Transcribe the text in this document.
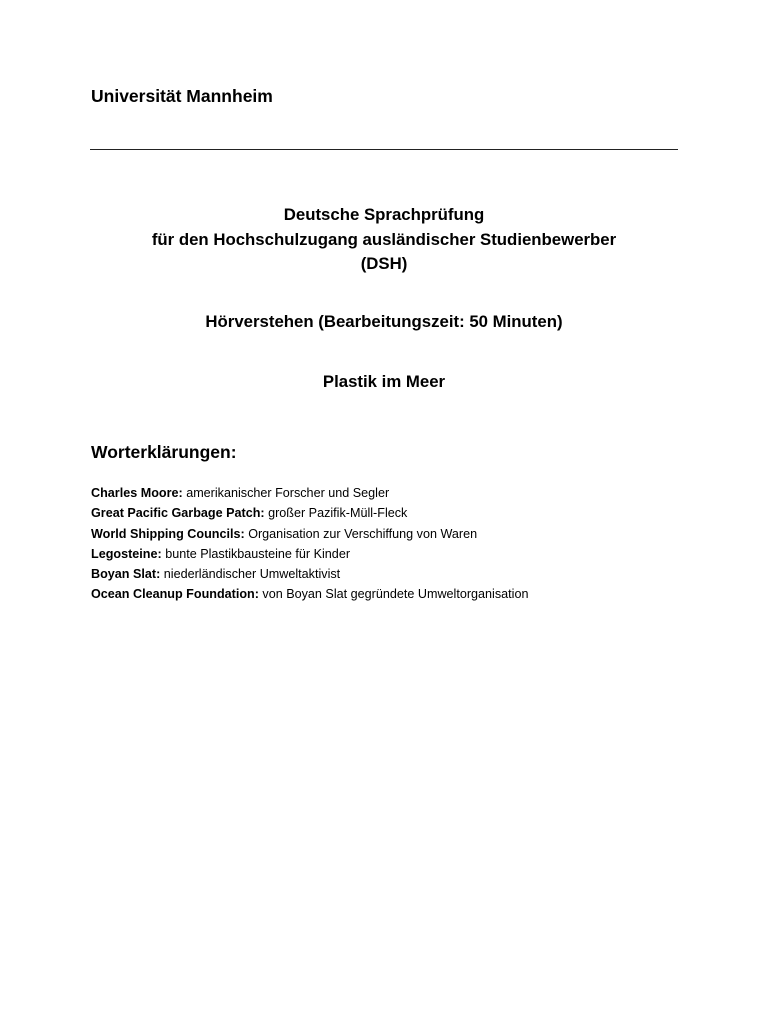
Universität Mannheim
Deutsche Sprachprüfung
für den Hochschulzugang ausländischer Studienbewerber
(DSH)
Hörverstehen (Bearbeitungszeit: 50 Minuten)
Plastik im Meer
Worterklärungen:
Charles Moore: amerikanischer Forscher und Segler
Great Pacific Garbage Patch: großer Pazifik-Müll-Fleck
World Shipping Councils: Organisation zur Verschiffung von Waren
Legosteine: bunte Plastikbausteine für Kinder
Boyan Slat: niederländischer Umweltaktivist
Ocean Cleanup Foundation: von Boyan Slat gegründete Umweltorganisation
